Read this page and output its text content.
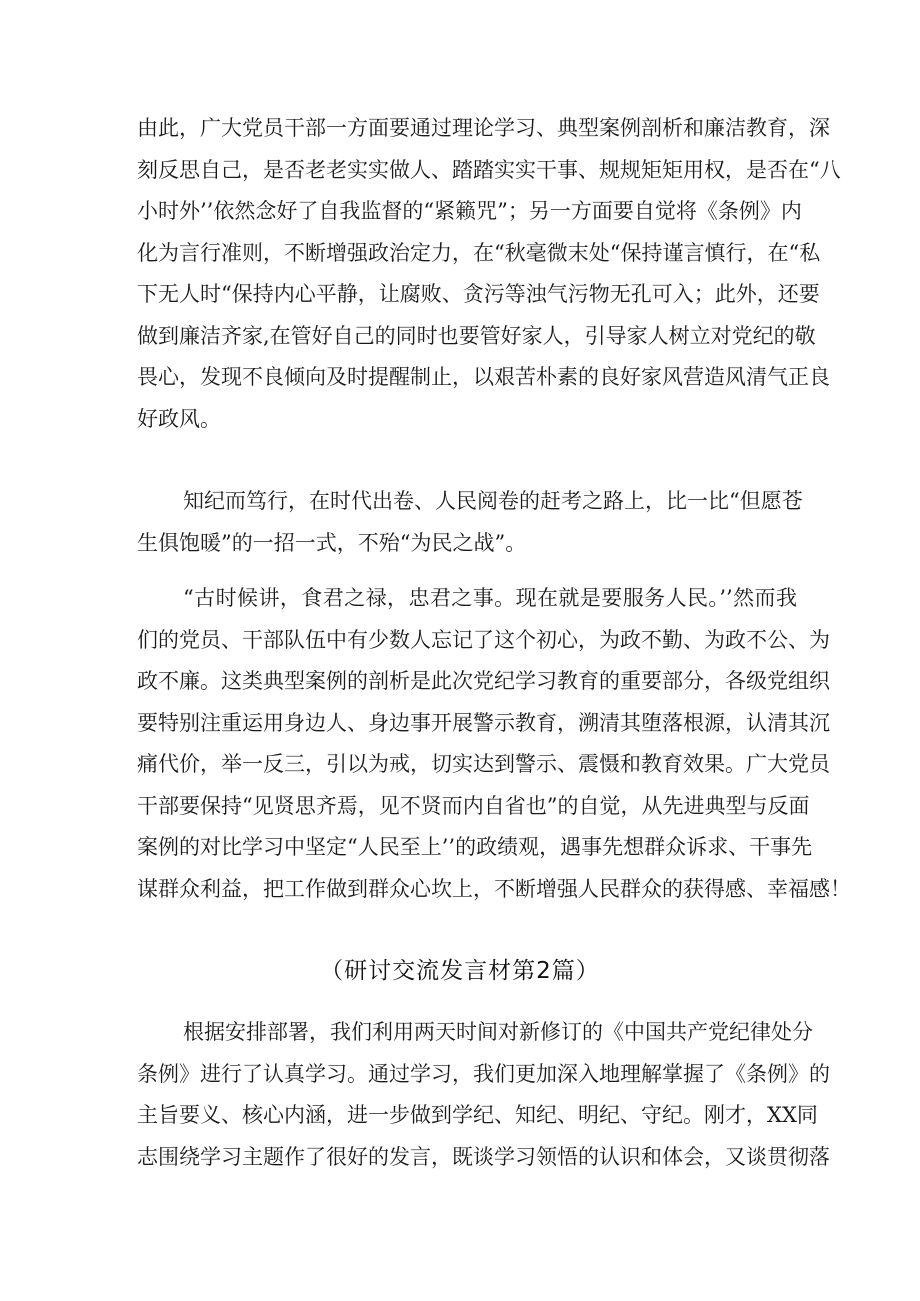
由此，广大党员干部一方面要通过理论学习、典型案例剖析和廉洁教育，深
刻反思自己，是否老老实实做人、踏踏实实干事、规规矩矩用权，是否在“八
小时外’’依然念好了自我监督的“紧籁咒”；另一方面要自觉将《条例》内
化为言行准则，不断增强政治定力，在“秋毫微末处“保持谨言慎行，在“私
下无人时“保持内心平静，让腐败、贪污等浊气污物无孔可入；此外，还要
做到廉洁齐家,在管好自己的同时也要管好家人，引导家人树立对党纪的敬
畏心，发现不良倾向及时提醒制止，以艰苦朴素的良好家风营造风清气正良
好政风。
知纪而笃行，在时代出卷、人民阅卷的赶考之路上，比一比“但愿苍
生俱饱暖”的一招一式，不殆“为民之战”。
“古时候讲，食君之禄，忠君之事。现在就是要服务人民。’’然而我
们的党员、干部队伍中有少数人忘记了这个初心，为政不勤、为政不公、为
政不廉。这类典型案例的剖析是此次党纪学习教育的重要部分，各级党组织
要特别注重运用身边人、身边事开展警示教育，溯清其堕落根源，认清其沉
痛代价，举一反三，引以为戒，切实达到警示、震慑和教育效果。广大党员
干部要保持“见贤思齐焉，见不贤而内自省也”的自觉，从先进典型与反面
案例的对比学习中坚定“人民至上’’的政绩观，遇事先想群众诉求、干事先
谋群众利益，把工作做到群众心坎上，不断增强人民群众的获得感、幸福感！
（研讨交流发言材第2篇）
根据安排部署，我们利用两天时间对新修订的《中国共产党纪律处分
条例》进行了认真学习。通过学习，我们更加深入地理解掌握了《条例》的
主旨要义、核心内涵，进一步做到学纪、知纪、明纪、守纪。刚才，XX同
志围绕学习主题作了很好的发言，既谈学习领悟的认识和体会，又谈贯彻落
